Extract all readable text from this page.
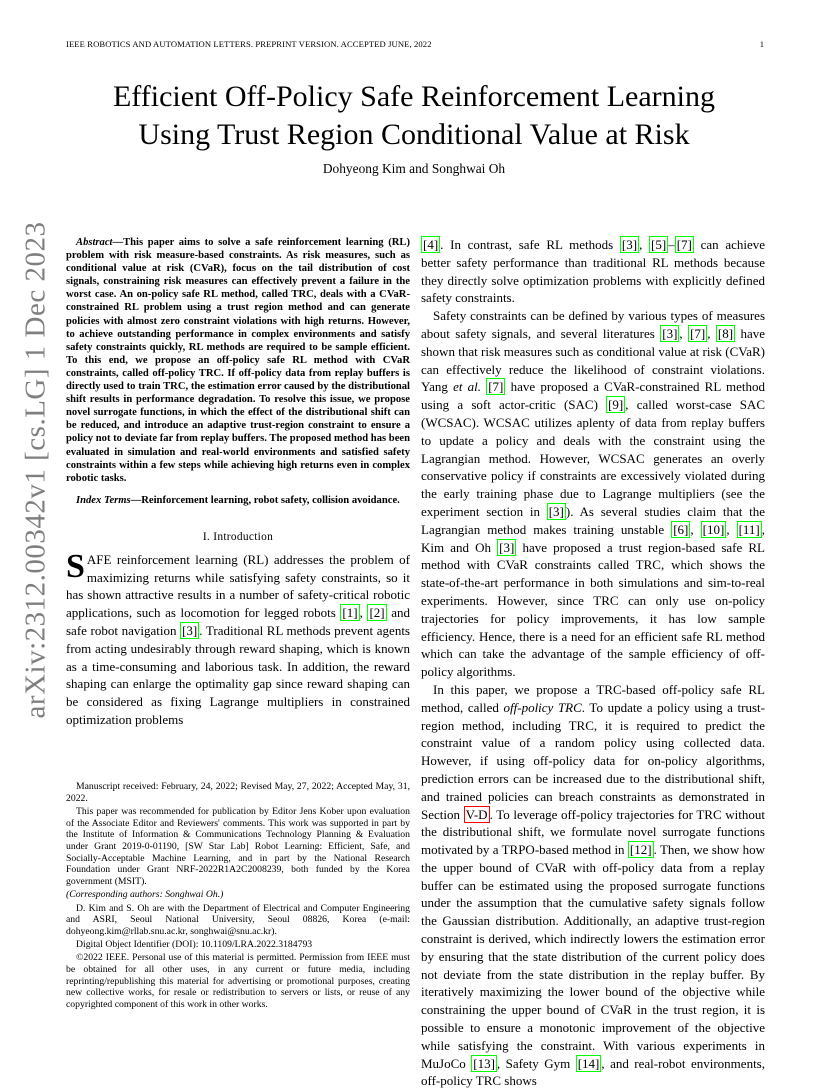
IEEE ROBOTICS AND AUTOMATION LETTERS. PREPRINT VERSION. ACCEPTED JUNE, 2022	1
Efficient Off-Policy Safe Reinforcement Learning
Using Trust Region Conditional Value at Risk
Dohyeong Kim and Songhwai Oh
arXiv:2312.00342v1 [cs.LG] 1 Dec 2023	Abstract—This paper aims to solve a safe reinforcement learning (RL) problem with risk measure-based constraints. As risk measures, such as conditional value at risk (CVaR), focus on the tail distribution of cost signals, constraining risk measures can effectively prevent a failure in the worst case. An on-policy safe RL method, called TRC, deals with a CVaR-constrained RL problem using a trust region method and can generate policies with almost zero constraint violations with high returns. However, to achieve outstanding performance in complex environments and satisfy safety constraints quickly, RL methods are required to be sample efficient. To this end, we propose an off-policy safe RL method with CVaR constraints, called off-policy TRC. If off-policy data from replay buffers is directly used to train TRC, the estimation error caused by the distributional shift results in performance degradation. To resolve this issue, we propose novel surrogate functions, in which the effect of the distributional shift can be reduced, and introduce an adaptive trust-region constraint to ensure a policy not to deviate far from replay buffers. The proposed method has been evaluated in simulation and real-world environments and satisfied safety constraints within a few steps while achieving high returns even in complex robotic tasks.

Index Terms—Reinforcement learning, robot safety, collision avoidance.

I. Introduction

SAFE reinforcement learning (RL) addresses the problem of maximizing returns while satisfying safety constraints, so it has shown attractive results in a number of safety-critical robotic applications, such as locomotion for legged robots [1] , [2] and safe robot navigation [3] . Traditional RL methods prevent agents from acting undesirably through reward shaping, which is known as a time-consuming and laborious task. In addition, the reward shaping can enlarge the optimality gap since reward shaping can be considered as fixing Lagrange multipliers in constrained optimization problems

Manuscript received: February, 24, 2022; Revised May, 27, 2022; Accepted May, 31, 2022.

This paper was recommended for publication by Editor Jens Kober upon evaluation of the Associate Editor and Reviewers' comments. This work was supported in part by the Institute of Information & Communications Technology Planning & Evaluation under Grant 2019-0-01190, [SW Star Lab] Robot Learning: Efficient, Safe, and Socially-Acceptable Machine Learning, and in part by the National Research Foundation under Grant NRF-2022R1A2C2008239, both funded by the Korea government (MSIT).

(Corresponding authors: Songhwai Oh.)

D. Kim and S. Oh are with the Department of Electrical and Computer Engineering and ASRI, Seoul National University, Seoul 08826, Korea (e-mail: dohyeong.kim@rllab.snu.ac.kr, songhwai@snu.ac.kr).

Digital Object Identifier (DOI): 10.1109/LRA.2022.3184793

©2022 IEEE. Personal use of this material is permitted. Permission from IEEE must be obtained for all other uses, in any current or future media, including reprinting/republishing this material for advertising or promotional purposes, creating new collective works, for resale or redistribution to servers or lists, or reuse of any copyrighted component of this work in other works.

[4] . In contrast, safe RL methods [3] , [5] – [7] can achieve better safety performance than traditional RL methods because they directly solve optimization problems with explicitly defined safety constraints.

Safety constraints can be defined by various types of measures about safety signals, and several literatures [3] , [7] , [8] have shown that risk measures such as conditional value at risk (CVaR) can effectively reduce the likelihood of constraint violations. Yang et al. [7] have proposed a CVaR-constrained RL method using a soft actor-critic (SAC) [9] , called worst-case SAC (WCSAC). WCSAC utilizes aplenty of data from replay buffers to update a policy and deals with the constraint using the Lagrangian method. However, WCSAC generates an overly conservative policy if constraints are excessively violated during the early training phase due to Lagrange multipliers (see the experiment section in [3] ). As several studies claim that the Lagrangian method makes training unstable [6] , [10] , [11] , Kim and Oh [3] have proposed a trust region-based safe RL method with CVaR constraints called TRC, which shows the state-of-the-art performance in both simulations and sim-to-real experiments. However, since TRC can only use on-policy trajectories for policy improvements, it has low sample efficiency. Hence, there is a need for an efficient safe RL method which can take the advantage of the sample efficiency of off-policy algorithms.

In this paper, we propose a TRC-based off-policy safe RL method, called off-policy TRC. To update a policy using a trust-region method, including TRC, it is required to predict the constraint value of a random policy using collected data. However, if using off-policy data for on-policy algorithms, prediction errors can be increased due to the distributional shift, and trained policies can breach constraints as demonstrated in Section V-D . To leverage off-policy trajectories for TRC without the distributional shift, we formulate novel surrogate functions motivated by a TRPO-based method in [12] . Then, we show how the upper bound of CVaR with off-policy data from a replay buffer can be estimated using the proposed surrogate functions under the assumption that the cumulative safety signals follow the Gaussian distribution. Additionally, an adaptive trust-region constraint is derived, which indirectly lowers the estimation error by ensuring that the state distribution of the current policy does not deviate from the state distribution in the replay buffer. By iteratively maximizing the lower bound of the objective while constraining the upper bound of CVaR in the trust region, it is possible to ensure a monotonic improvement of the objective while satisfying the constraint. With various experiments in MuJoCo [13] , Safety Gym [14] , and real-robot environments, off-policy TRC shows
